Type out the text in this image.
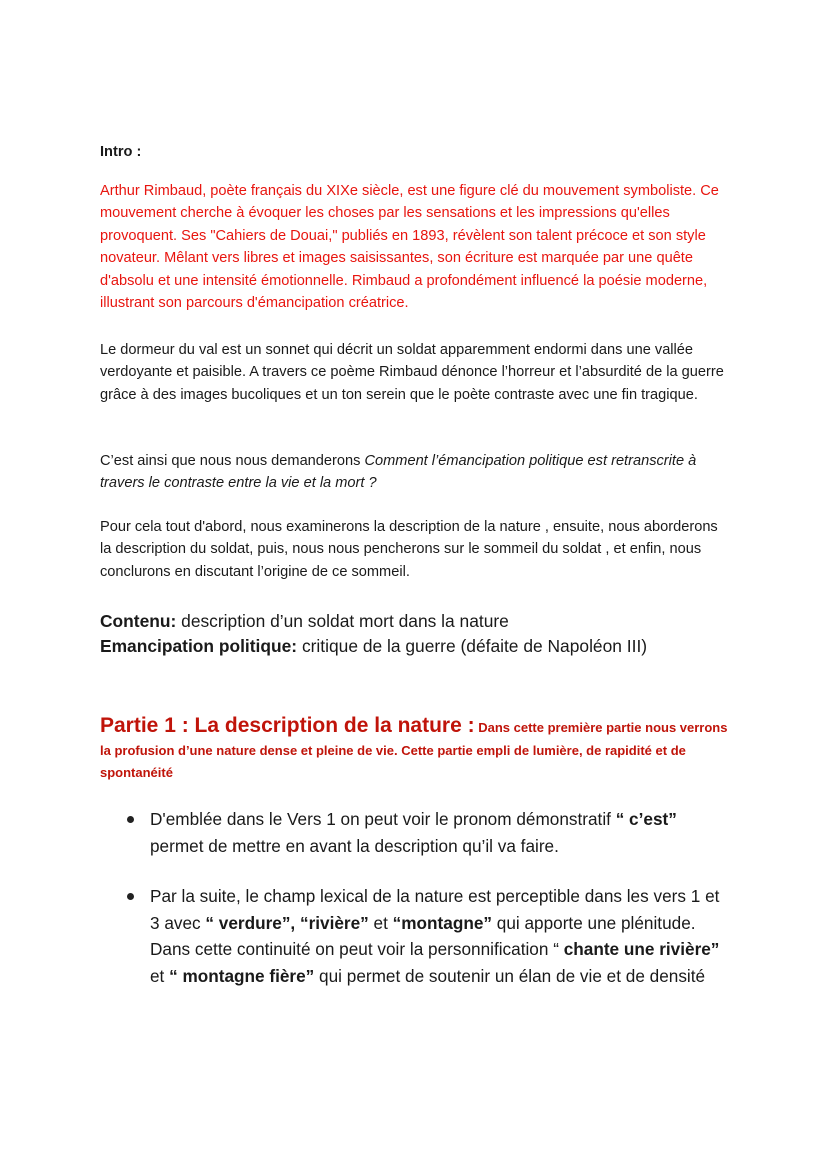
Intro :

Arthur Rimbaud, poète français du XIXe siècle, est une figure clé du mouvement symboliste. Ce mouvement cherche à évoquer les choses par les sensations et les impressions qu'elles provoquent. Ses "Cahiers de Douai," publiés en 1893, révèlent son talent précoce et son style novateur. Mêlant vers libres et images saisissantes, son écriture est marquée par une quête d'absolu et une intensité émotionnelle. Rimbaud a profondément influencé la poésie moderne, illustrant son parcours d'émancipation créatrice.

Le dormeur du val est un sonnet qui décrit un soldat apparemment endormi dans une vallée verdoyante et paisible. A travers ce poème Rimbaud dénonce l’horreur et l’absurdité de la guerre grâce à des images bucoliques et un ton serein que le poète contraste avec une fin tragique.

C’est ainsi que nous nous demanderons Comment l’émancipation politique est retranscrite à travers le contraste entre la vie et la mort ?

Pour cela tout d'abord, nous examinerons la description de la nature , ensuite, nous aborderons la description du soldat, puis, nous nous pencherons sur le sommeil du soldat , et enfin, nous conclurons en discutant l’origine de ce sommeil.

Contenu: description d’un soldat mort dans la nature

Emancipation politique: critique de la guerre (défaite de Napoléon III)

Partie 1 : La description de la nature : Dans cette première partie nous verrons la profusion d’une nature dense et pleine de vie. Cette partie empli de lumière, de rapidité et de spontanéité

D'emblée dans le Vers 1 on peut voir le pronom démonstratif “ c’est” permet de mettre en avant la description qu’il va faire.
Par la suite, le champ lexical de la nature est perceptible dans les vers 1 et 3 avec “ verdure”, “rivière” et “montagne” qui apporte une plénitude. Dans cette continuité on peut voir la personnification “ chante une rivière” et “ montagne fière” qui permet de soutenir un élan de vie et de densité
